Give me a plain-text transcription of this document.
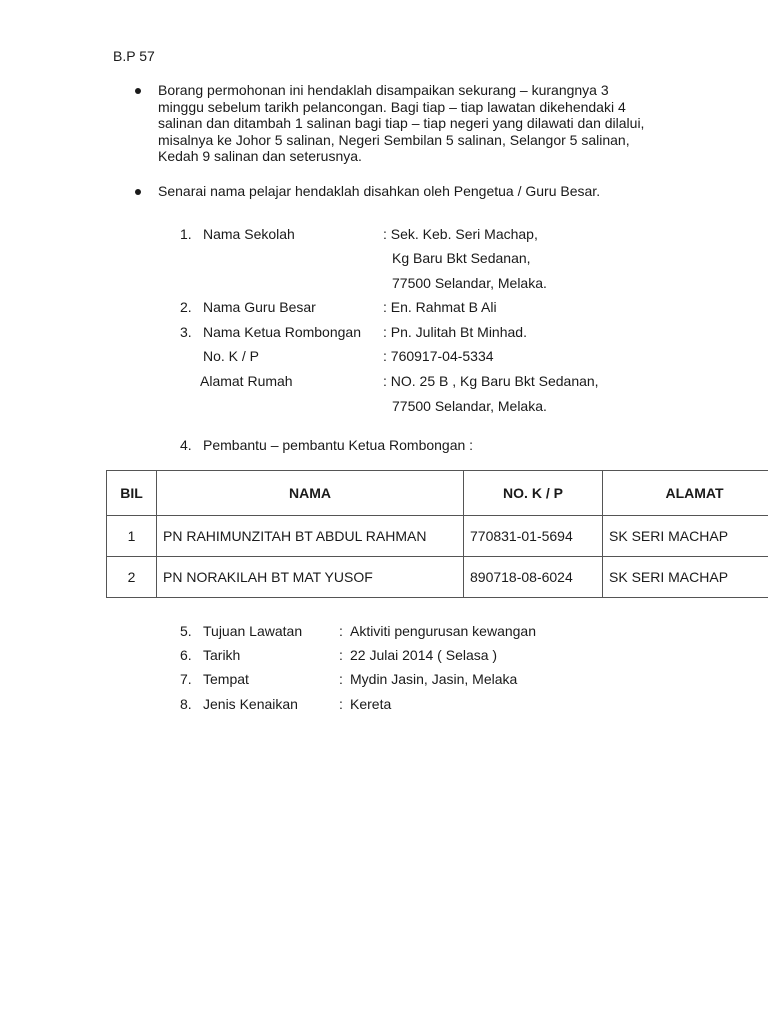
B.P 57
Borang permohonan ini hendaklah disampaikan sekurang – kurangnya 3 minggu sebelum tarikh pelancongan. Bagi tiap – tiap lawatan dikehendaki 4 salinan dan ditambah 1 salinan bagi tiap – tiap negeri yang dilawati dan dilalui, misalnya ke Johor 5 salinan, Negeri Sembilan 5 salinan, Selangor 5 salinan, Kedah 9 salinan dan seterusnya.
Senarai nama pelajar hendaklah disahkan oleh Pengetua / Guru Besar.
1. Nama Sekolah	: Sek. Keb. Seri Machap,
Kg Baru Bkt Sedanan,
77500 Selandar, Melaka.
2. Nama Guru Besar	: En. Rahmat B Ali
3. Nama Ketua Rombongan : Pn. Julitah Bt Minhad.
No. K / P	: 760917-04-5334
Alamat Rumah	: NO. 25 B , Kg Baru Bkt Sedanan,
77500 Selandar, Melaka.
4. Pembantu – pembantu Ketua Rombongan :
BIL	NAMA	NO. K / P	ALAMAT
1	PN RAHIMUNZITAH BT ABDUL RAHMAN	770831-01-5694	SK SERI MACHAP
2	PN NORAKILAH BT MAT YUSOF	890718-08-6024	SK SERI MACHAP
5. Tujuan Lawatan	: Aktiviti pengurusan kewangan
6. Tarikh	: 22 Julai 2014 ( Selasa )
7. Tempat	: Mydin Jasin, Jasin, Melaka
8. Jenis Kenaikan	: Kereta
